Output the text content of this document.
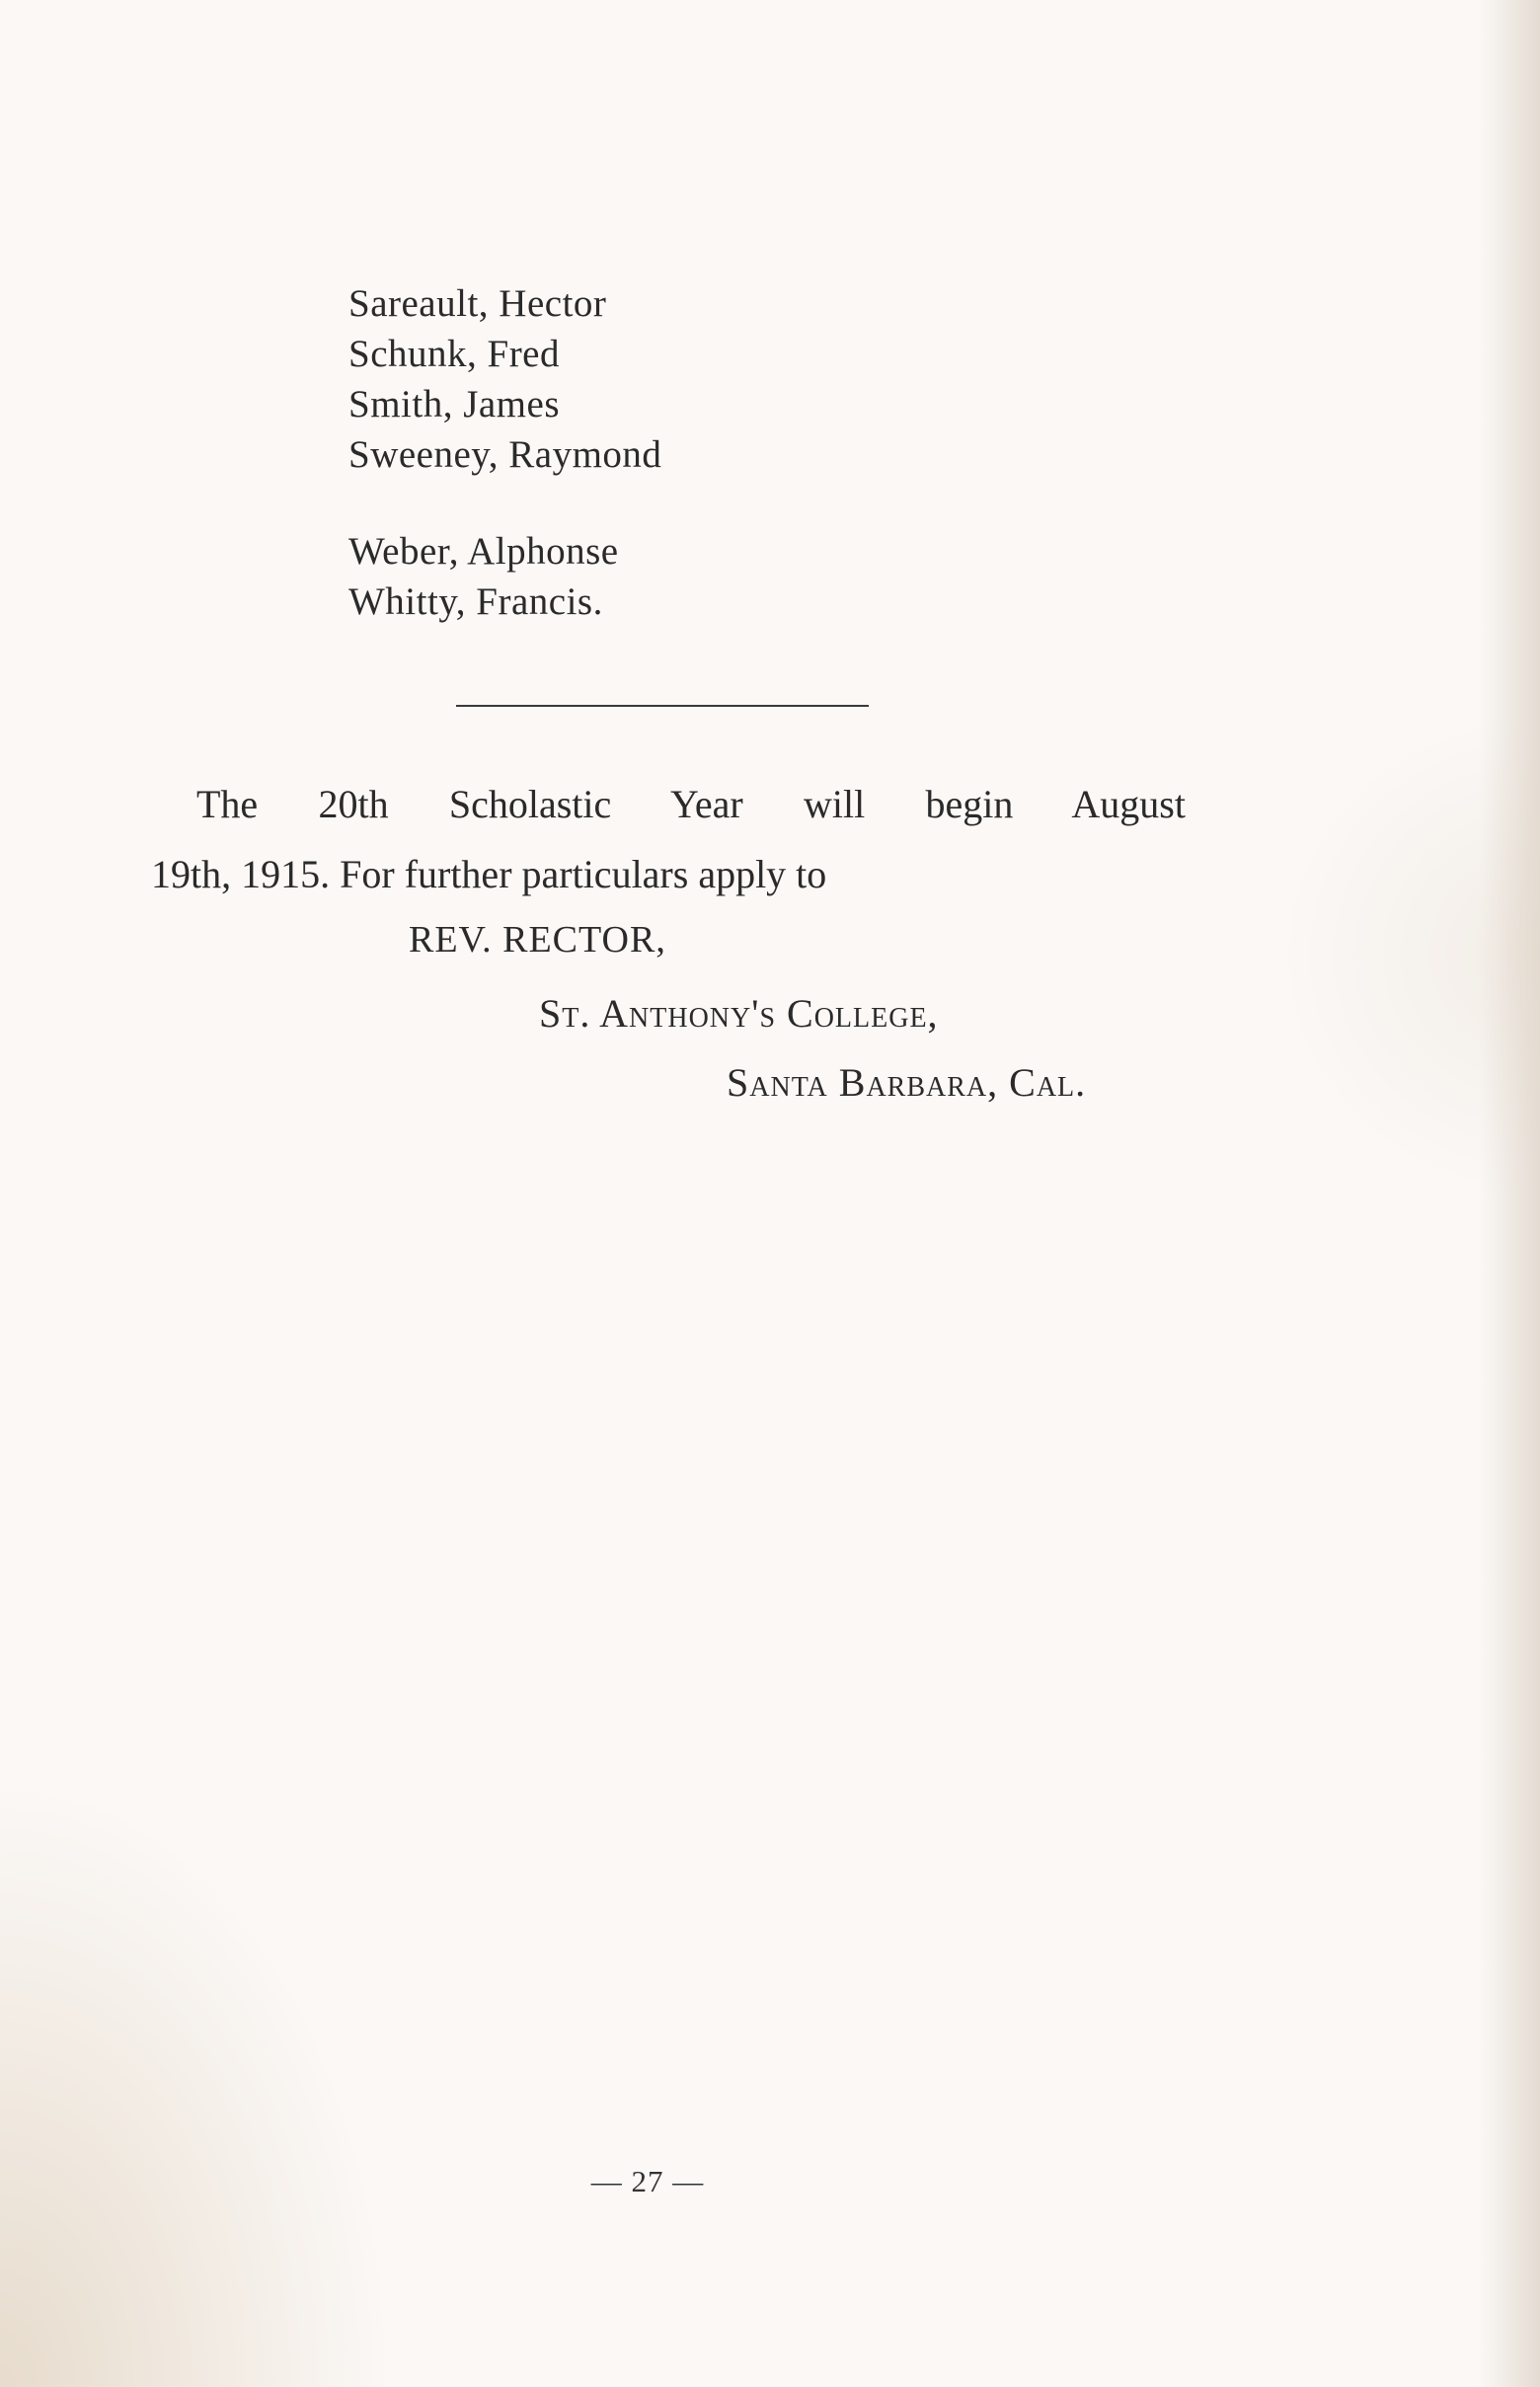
Sareault, Hector
Schunk, Fred
Smith, James
Sweeney, Raymond
Weber, Alphonse
Whitty, Francis.
The 20th Scholastic Year will begin August
19th, 1915. For further particulars apply to
REV. RECTOR,
St. Anthony's College,
Santa Barbara, Cal.
— 27 —
